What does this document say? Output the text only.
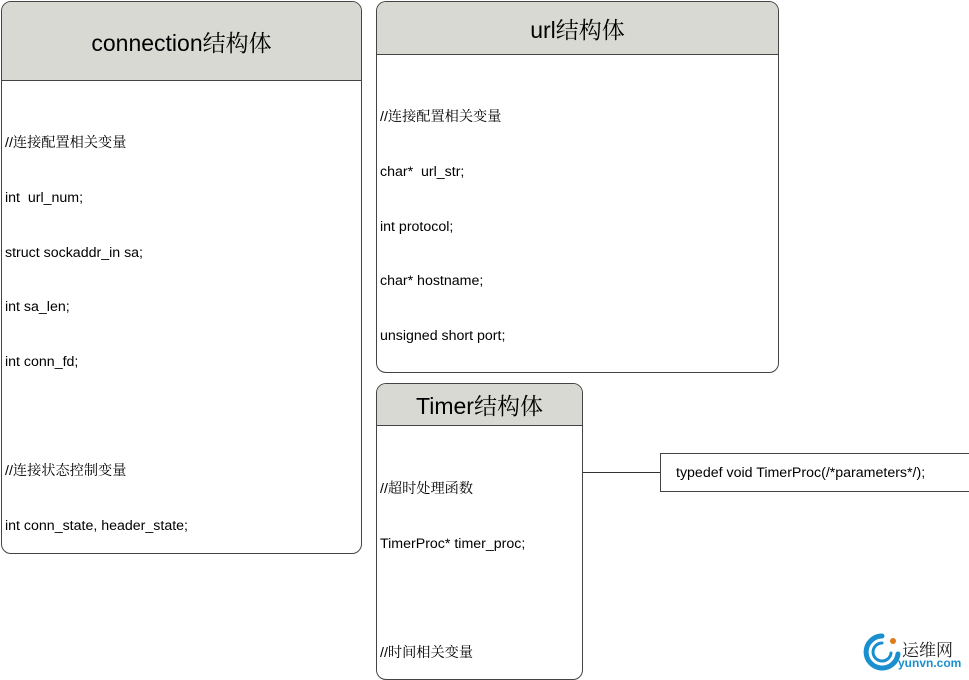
connection结构体

//连接配置相关变量

int  url_num;

struct sockaddr_in sa;

int sa_len;

int conn_fd;

//连接状态控制变量

int conn_state, header_state;

url结构体

//连接配置相关变量

char*  url_str;

int protocol;

char* hostname;

unsigned short port;

Timer结构体

//超时处理函数

TimerProc* timer_proc;

//时间相关变量

typedef void TimerProc(/*parameters*/);
运维网
yunvn.com
